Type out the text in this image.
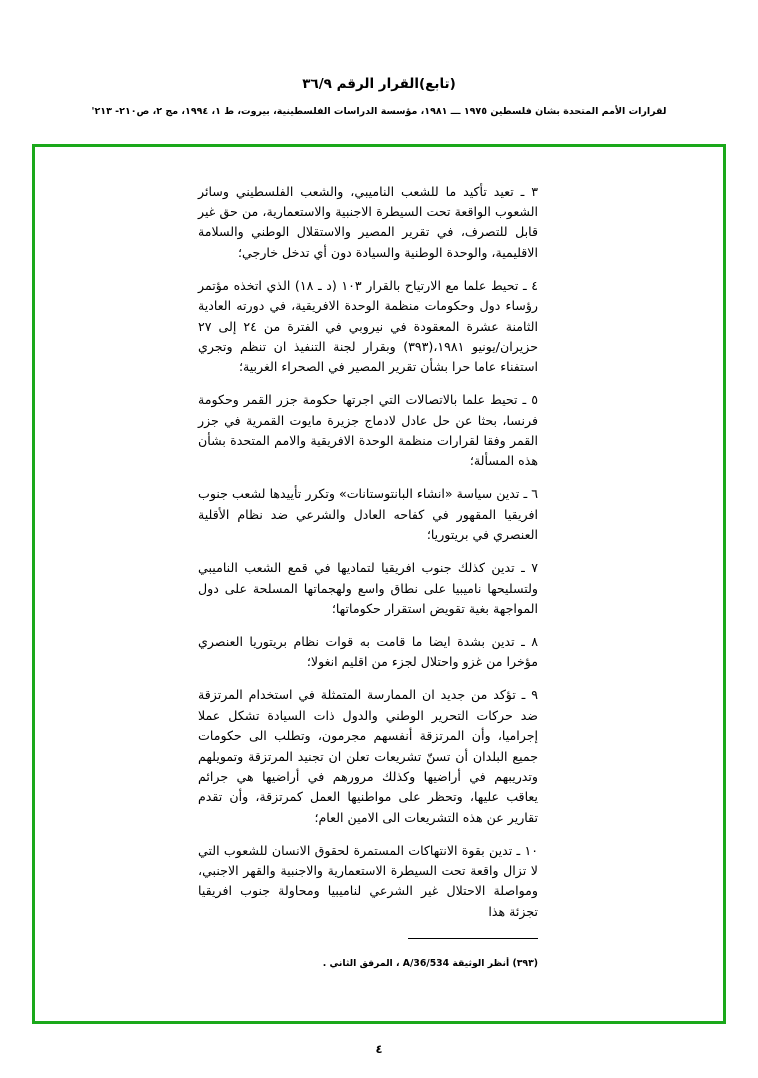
(تابع)القرار الرقم ٣٦/٩
لقرارات الأمم المتحدة بشان فلسطين ١٩٧٥ ـــ ١٩٨١، مؤسسة الدراسات الفلسطينية، بيروت، ط ١، ١٩٩٤، مج ٢، ص٢١٠- ٢١٣'

٣ ـ تعيد تأكيد ما للشعب الناميبي، والشعب الفلسطيني وسائر الشعوب الواقعة تحت السيطرة الاجنبية والاستعمارية، من حق غير قابل للتصرف، في تقرير المصير والاستقلال الوطني والسلامة الاقليمية، والوحدة الوطنية والسيادة دون أي تدخل خارجي؛

٤ ـ تحيط علما مع الارتياح بالقرار ١٠٣ (د ـ ١٨) الذي اتخذه مؤتمر رؤساء دول وحكومات منظمة الوحدة الافريقية، في دورته العادية الثامنة عشرة المعقودة في نيروبي في الفترة من ٢٤ إلى ٢٧ حزيران/يونيو ١٩٨١،(٣٩٣) وبقرار لجنة التنفيذ ان تنظم وتجري استفناء عاما حرا بشأن تقرير المصير في الصحراء الغربية؛

٥ ـ تحيط علما بالاتصالات التي اجرتها حكومة جزر القمر وحكومة فرنسا، بحثا عن حل عادل لادماج جزيرة مايوت القمرية في جزر القمر وفقا لقرارات منظمة الوحدة الافريقية والامم المتحدة بشأن هذه المسألة؛

٦ ـ تدين سياسة «انشاء البانتوستانات» وتكرر تأييدها لشعب جنوب افريقيا المقهور في كفاحه العادل والشرعي ضد نظام الأقلية العنصري في بريتوريا؛

٧ ـ تدين كذلك جنوب افريقيا لتماديها في قمع الشعب الناميبي ولتسليحها ناميبيا على نطاق واسع ولهجماتها المسلحة على دول المواجهة بغية تقويض استقرار حكوماتها؛

٨ ـ تدين بشدة ايضا ما قامت به قوات نظام بريتوريا العنصري مؤخرا من غزو واحتلال لجزء من اقليم انغولا؛

٩ ـ تؤكد من جديد ان الممارسة المتمثلة في استخدام المرتزقة ضد حركات التحرير الوطني والدول ذات السيادة تشكل عملا إجراميا، وأن المرتزقة أنفسهم مجرمون، وتطلب الى حكومات جميع البلدان أن تسنّ تشريعات تعلن ان تجنيد المرتزقة وتمويلهم وتدريبهم في أراضيها وكذلك مرورهم في أراضيها هي جرائم يعاقب عليها، وتحظر على مواطنيها العمل كمرتزقة، وأن تقدم تقارير عن هذه التشريعات الى الامين العام؛

١٠ ـ تدين بقوة الانتهاكات المستمرة لحقوق الانسان للشعوب التي لا تزال واقعة تحت السيطرة الاستعمارية والاجنبية والقهر الاجنبي، ومواصلة الاحتلال غير الشرعي لناميبيا ومحاولة جنوب افريقيا تجزئة هذا

(٣٩٣) أنظر الوثيقة A/36/534 ، المرفق الثاني .
٤
